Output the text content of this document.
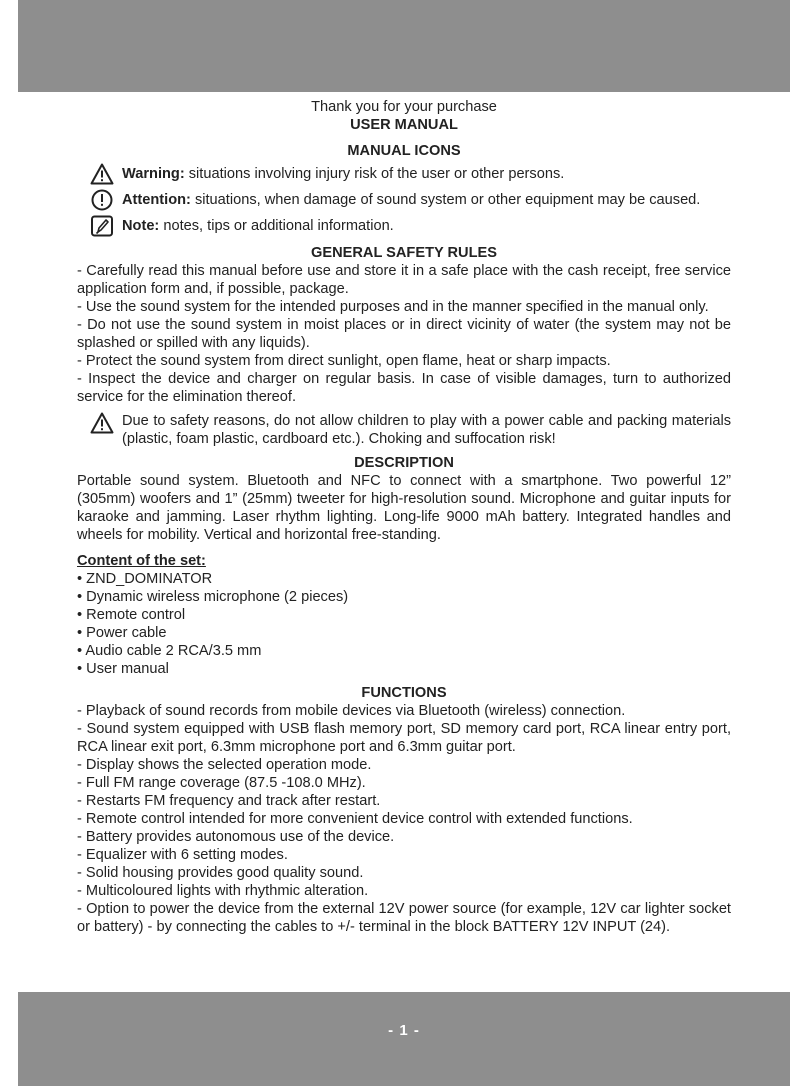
Thank you for your purchase

USER MANUAL

MANUAL ICONS

Warning: situations involving injury risk of the user or other persons.
Attention: situations, when damage of sound system or other equipment may be caused.
Note: notes, tips or additional information.

GENERAL SAFETY RULES

- Carefully read this manual before use and store it in a safe place with the cash receipt, free service application form and, if possible, package.

- Use the sound system for the intended purposes and in the manner specified in the manual only.

- Do not use the sound system in moist places or in direct vicinity of water (the system may not be splashed or spilled with any liquids).

- Protect the sound system from direct sunlight, open flame, heat or sharp impacts.

- Inspect the device and charger on regular basis. In case of visible damages, turn to authorized service for the elimination thereof.

Due to safety reasons, do not allow children to play with a power cable and packing materials (plastic, foam plastic, cardboard etc.). Choking and suffocation risk!

DESCRIPTION

Portable sound system. Bluetooth and NFC to connect with a smartphone. Two powerful 12” (305mm) woofers and 1” (25mm) tweeter for high-resolution sound. Microphone and guitar inputs for karaoke and jamming. Laser rhythm lighting. Long-life 9000 mAh battery. Integrated handles and wheels for mobility. Vertical and horizontal free-standing.

Content of the set:

• ZND_DOMINATOR
• Dynamic wireless microphone (2 pieces)
• Remote control
• Power cable
• Audio cable 2 RCA/3.5 mm
• User manual

FUNCTIONS

- Playback of sound records from mobile devices via Bluetooth (wireless) connection.

- Sound system equipped with USB flash memory port, SD memory card port, RCA linear entry port, RCA linear exit port, 6.3mm microphone port and 6.3mm guitar port.

- Display shows the selected operation mode.

- Full FM range coverage (87.5 -108.0 MHz).

- Restarts FM frequency and track after restart.

- Remote control intended for more convenient device control with extended functions.

- Battery provides autonomous use of the device.

- Equalizer with 6 setting modes.

- Solid housing provides good quality sound.

- Multicoloured lights with rhythmic alteration.

- Option to power the device from the external 12V power source (for example, 12V car lighter socket or battery) - by connecting the cables to +/- terminal in the block BATTERY 12V INPUT (24).

- 1 -
